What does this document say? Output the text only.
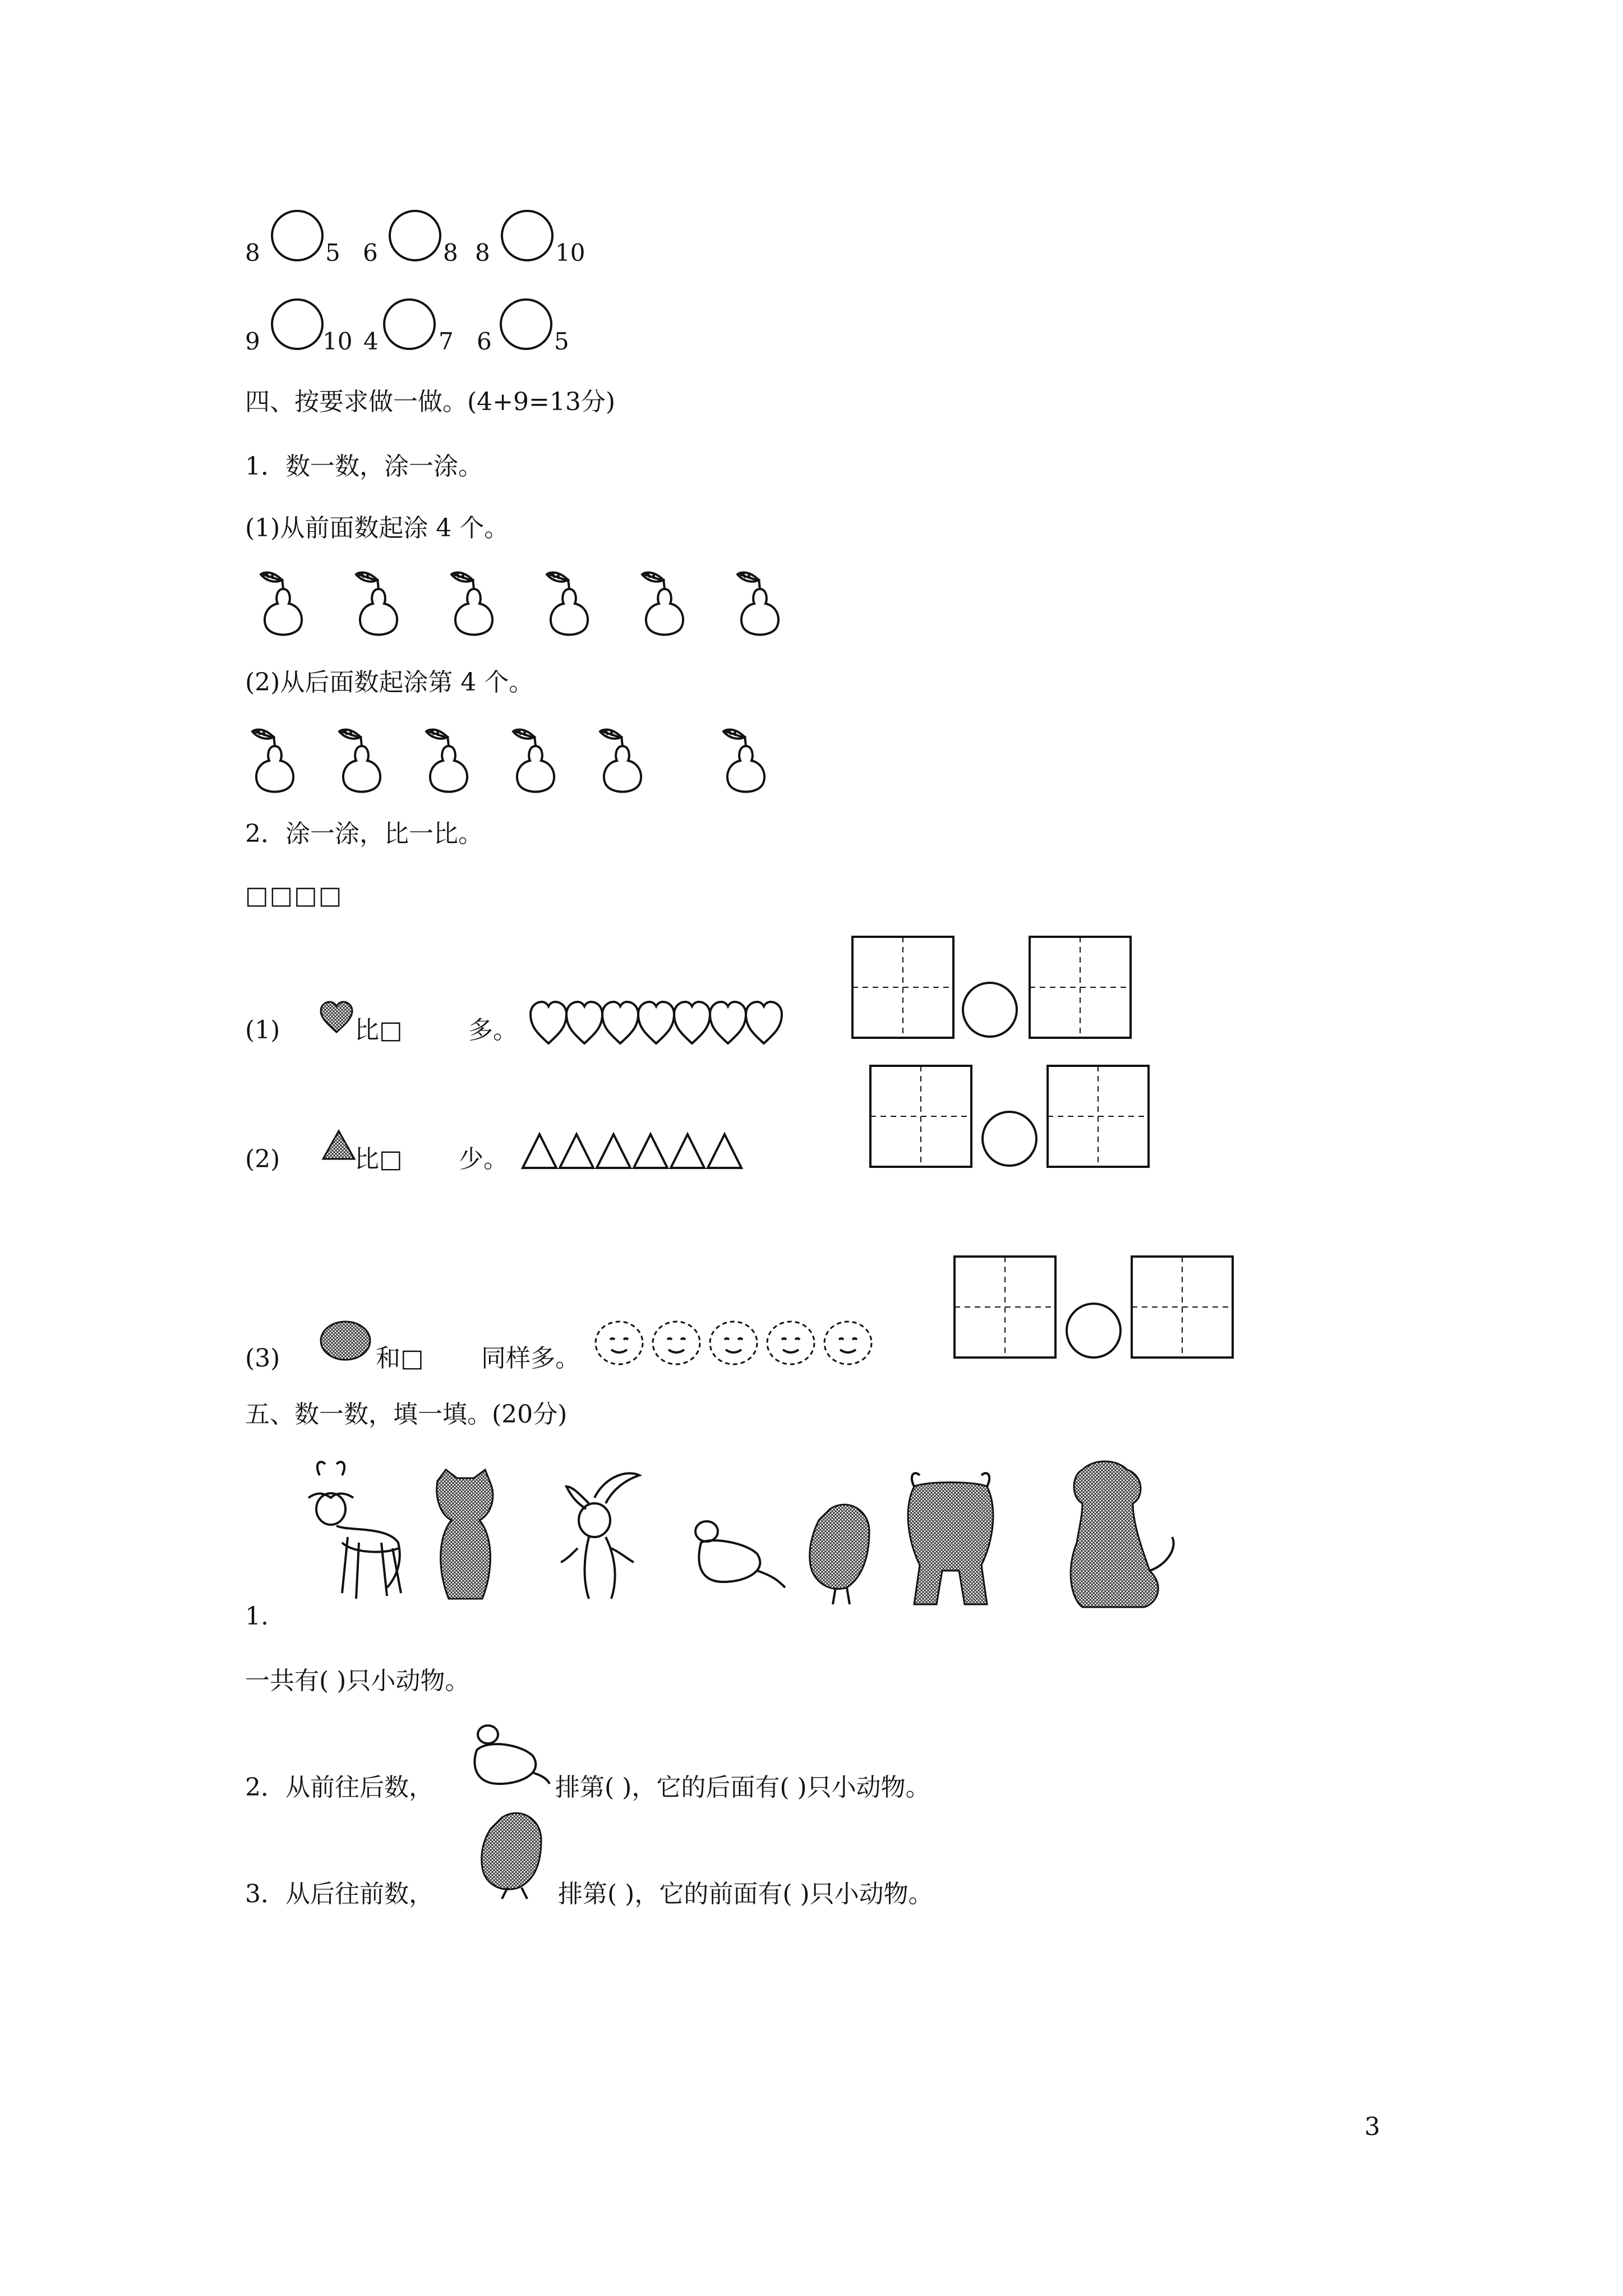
8	5 6	8 8	10
9	10 4	7 6	5
四、按要求做一做。(4+9=13分)
1．数一数，涂一涂。
(1)从前面数起涂 4 个。
(2)从后面数起涂第 4 个。
2．涂一涂，比一比。
□□□□
(1)	比□	多。
(2)	比□ 少。
(3)	和□ 同样多。
五、数一数，填一填。(20分)
1.
一共有( )只小动物。
2．从前往后数，	排第( )，它的后面有( )只小动物。
3．从后往前数，	排第( )，它的前面有( )只小动物。
3
